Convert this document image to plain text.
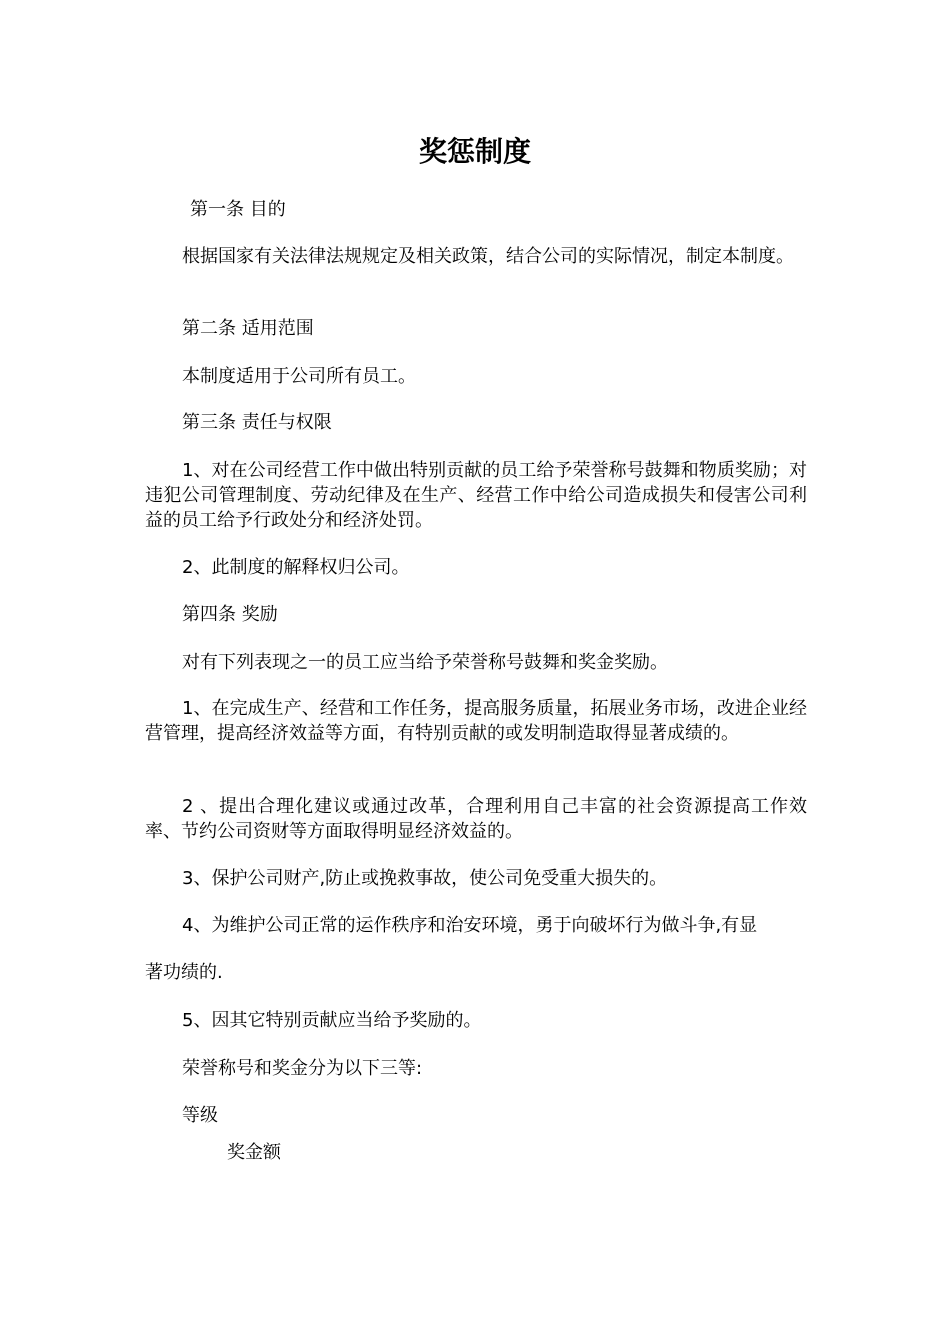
奖惩制度

第一条 目的

根据国家有关法律法规规定及相关政策，结合公司的实际情况，制定本制度。

第二条 适用范围

本制度适用于公司所有员工。

第三条 责任与权限

1、对在公司经营工作中做出特别贡献的员工给予荣誉称号鼓舞和物质奖励；对违犯公司管理制度、劳动纪律及在生产、经营工作中给公司造成损失和侵害公司利益的员工给予行政处分和经济处罚。

2、此制度的解释权归公司。

第四条 奖励

对有下列表现之一的员工应当给予荣誉称号鼓舞和奖金奖励。

1、在完成生产、经营和工作任务，提高服务质量，拓展业务市场，改进企业经营管理，提高经济效益等方面，有特别贡献的或发明制造取得显著成绩的。

2 、提出合理化建议或通过改革，合理利用自己丰富的社会资源提高工作效率、节约公司资财等方面取得明显经济效益的。

3、保护公司财产,防止或挽救事故，使公司免受重大损失的。

4、为维护公司正常的运作秩序和治安环境，勇于向破坏行为做斗争,有显

著功绩的.

5、因其它特别贡献应当给予奖励的。

荣誉称号和奖金分为以下三等:

等级

奖金额
